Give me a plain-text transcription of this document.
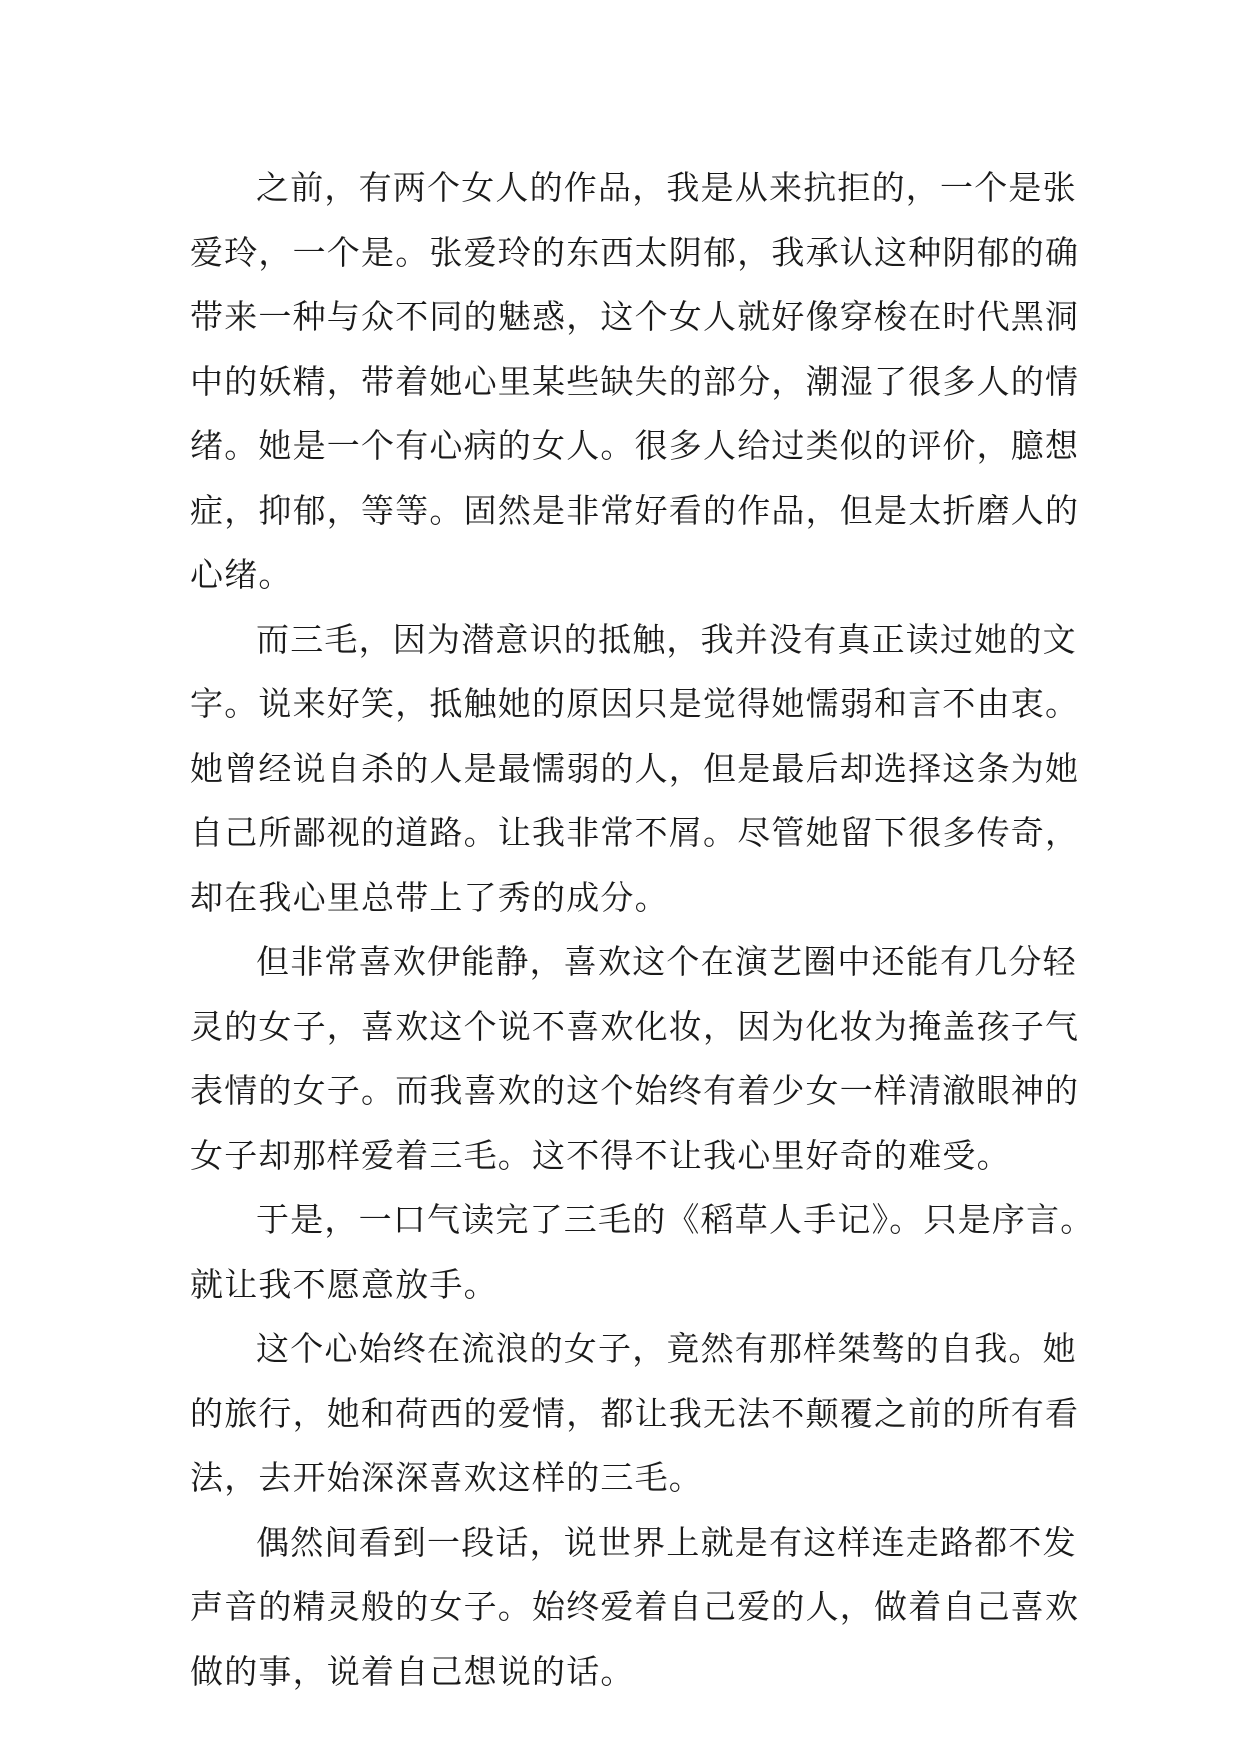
之前，有两个女人的作品，我是从来抗拒的，一个是张
爱玲，一个是。张爱玲的东西太阴郁，我承认这种阴郁的确
带来一种与众不同的魅惑，这个女人就好像穿梭在时代黑洞
中的妖精，带着她心里某些缺失的部分，潮湿了很多人的情
绪。她是一个有心病的女人。很多人给过类似的评价，臆想
症，抑郁，等等。固然是非常好看的作品，但是太折磨人的
心绪。
而三毛，因为潜意识的抵触，我并没有真正读过她的文
字。说来好笑，抵触她的原因只是觉得她懦弱和言不由衷。
她曾经说自杀的人是最懦弱的人，但是最后却选择这条为她
自己所鄙视的道路。让我非常不屑。尽管她留下很多传奇，
却在我心里总带上了秀的成分。
但非常喜欢伊能静，喜欢这个在演艺圈中还能有几分轻
灵的女子，喜欢这个说不喜欢化妆，因为化妆为掩盖孩子气
表情的女子。而我喜欢的这个始终有着少女一样清澈眼神的
女子却那样爱着三毛。这不得不让我心里好奇的难受。
于是，一口气读完了三毛的《稻草人手记》。只是序言。
就让我不愿意放手。
这个心始终在流浪的女子，竟然有那样桀骜的自我。她
的旅行，她和荷西的爱情，都让我无法不颠覆之前的所有看
法，去开始深深喜欢这样的三毛。
偶然间看到一段话，说世界上就是有这样连走路都不发
声音的精灵般的女子。始终爱着自己爱的人，做着自己喜欢
做的事，说着自己想说的话。
